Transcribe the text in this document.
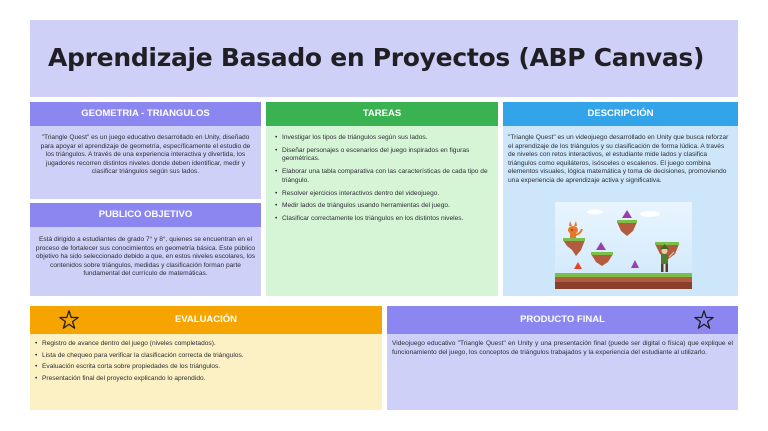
Aprendizaje Basado en Proyectos (ABP Canvas)
GEOMETRIA - TRIANGULOS

"Triangle Quest" es un juego educativo desarrollado en Unity, diseñado para apoyar el aprendizaje de geometría, específicamente el estudio de los triángulos. A través de una experiencia interactiva y divertida, los jugadores recorren distintos niveles donde deben identificar, medir y clasificar triángulos según sus lados.

PUBLICO OBJETIVO

Está dirigido a estudiantes de grado 7° y 8°, quienes se encuentran en el proceso de fortalecer sus conocimientos en geometría básica. Este público objetivo ha sido seleccionado debido a que, en estos niveles escolares, los contenidos sobre triángulos, medidas y clasificación forman parte fundamental del currículo de matemáticas.

TAREAS
• Investigar los tipos de triángulos según sus lados.
• Diseñar personajes o escenarios del juego inspirados en figuras geométricas.
• Elaborar una tabla comparativa con las características de cada tipo de triángulo.
• Resolver ejercicios interactivos dentro del videojuego.
• Medir lados de triángulos usando herramientas del juego.
• Clasificar correctamente los triángulos en los distintos niveles.
DESCRIPCIÓN

"Triangle Quest" es un videojuego desarrollado en Unity que busca reforzar el aprendizaje de los triángulos y su clasificación de forma lúdica. A través de niveles con retos interactivos, el estudiante mide lados y clasifica triángulos como equiláteros, isósceles o escalenos. El juego combina elementos visuales, lógica matemática y toma de decisiones, promoviendo una experiencia de aprendizaje activa y significativa.

EVALUACIÓN
• Registro de avance dentro del juego (niveles completados).
• Lista de chequeo para verificar la clasificación correcta de triángulos.
• Evaluación escrita corta sobre propiedades de los triángulos.
• Presentación final del proyecto explicando lo aprendido.
PRODUCTO FINAL

Videojuego educativo "Triangle Quest" en Unity y una presentación final (puede ser digital o física) que explique el funcionamiento del juego, los conceptos de triángulos trabajados y la experiencia del estudiante al utilizarlo.
